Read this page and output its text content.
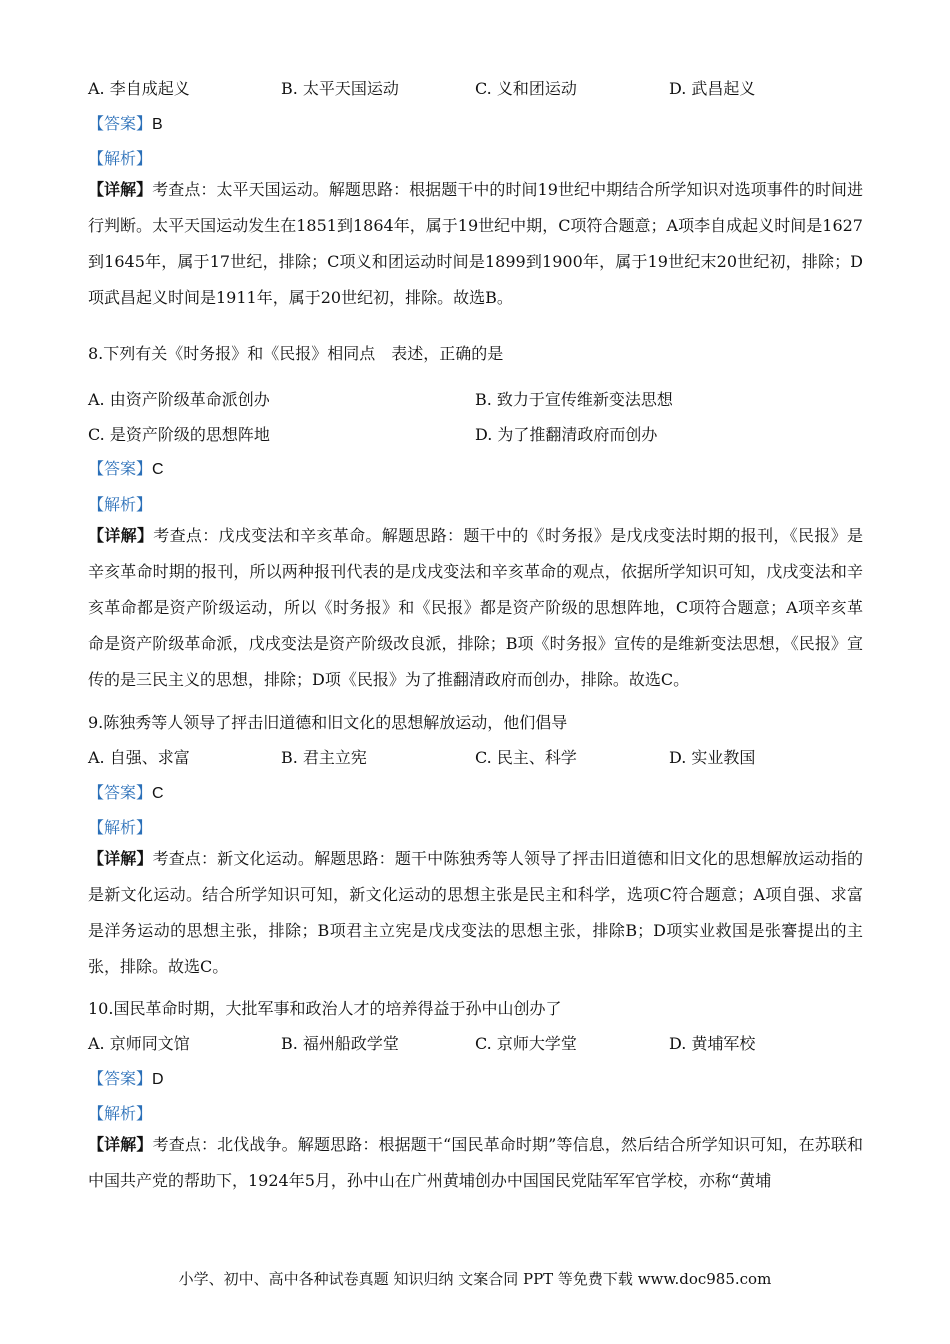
A. 李自成起义	B. 太平天国运动	C. 义和团运动	D. 武昌起义
【答案】B
【解析】
【详解】考查点：太平天国运动。解题思路：根据题干中的时间19世纪中期结合所学知识对选项事件的时间进行判断。太平天国运动发生在1851到1864年，属于19世纪中期，C项符合题意；A项李自成起义时间是1627到1645年，属于17世纪，排除；C项义和团运动时间是1899到1900年，属于19世纪末20世纪初，排除；D项武昌起义时间是1911年，属于20世纪初，排除。故选B。
8.下列有关《时务报》和《民报》相同点　表述，正确的是
A. 由资产阶级革命派创办	B. 致力于宣传维新变法思想
C. 是资产阶级的思想阵地	D. 为了推翻清政府而创办
【答案】C
【解析】
【详解】考查点：戊戌变法和辛亥革命。解题思路：题干中的《时务报》是戊戌变法时期的报刊，《民报》是辛亥革命时期的报刊，所以两种报刊代表的是戊戌变法和辛亥革命的观点，依据所学知识可知，戊戌变法和辛亥革命都是资产阶级运动，所以《时务报》和《民报》都是资产阶级的思想阵地，C项符合题意；A项辛亥革命是资产阶级革命派，戊戌变法是资产阶级改良派，排除；B项《时务报》宣传的是维新变法思想，《民报》宣传的是三民主义的思想，排除；D项《民报》为了推翻清政府而创办，排除。故选C。
9.陈独秀等人领导了抨击旧道德和旧文化的思想解放运动，他们倡导
A. 自强、求富	B. 君主立宪	C. 民主、科学	D. 实业教国
【答案】C
【解析】
【详解】考查点：新文化运动。解题思路：题干中陈独秀等人领导了抨击旧道德和旧文化的思想解放运动指的是新文化运动。结合所学知识可知，新文化运动的思想主张是民主和科学，选项C符合题意；A项自强、求富是洋务运动的思想主张，排除；B项君主立宪是戊戌变法的思想主张，排除B；D项实业救国是张謇提出的主张，排除。故选C。
10.国民革命时期，大批军事和政治人才的培养得益于孙中山创办了
A. 京师同文馆	B. 福州船政学堂	C. 京师大学堂	D. 黄埔军校
【答案】D
【解析】
【详解】考查点：北伐战争。解题思路：根据题干“国民革命时期”等信息，然后结合所学知识可知，在苏联和中国共产党的帮助下，1924年5月，孙中山在广州黄埔创办中国国民党陆军军官学校，亦称“黄埔
小学、初中、高中各种试卷真题 知识归纳 文案合同 PPT 等免费下载 www.doc985.com
